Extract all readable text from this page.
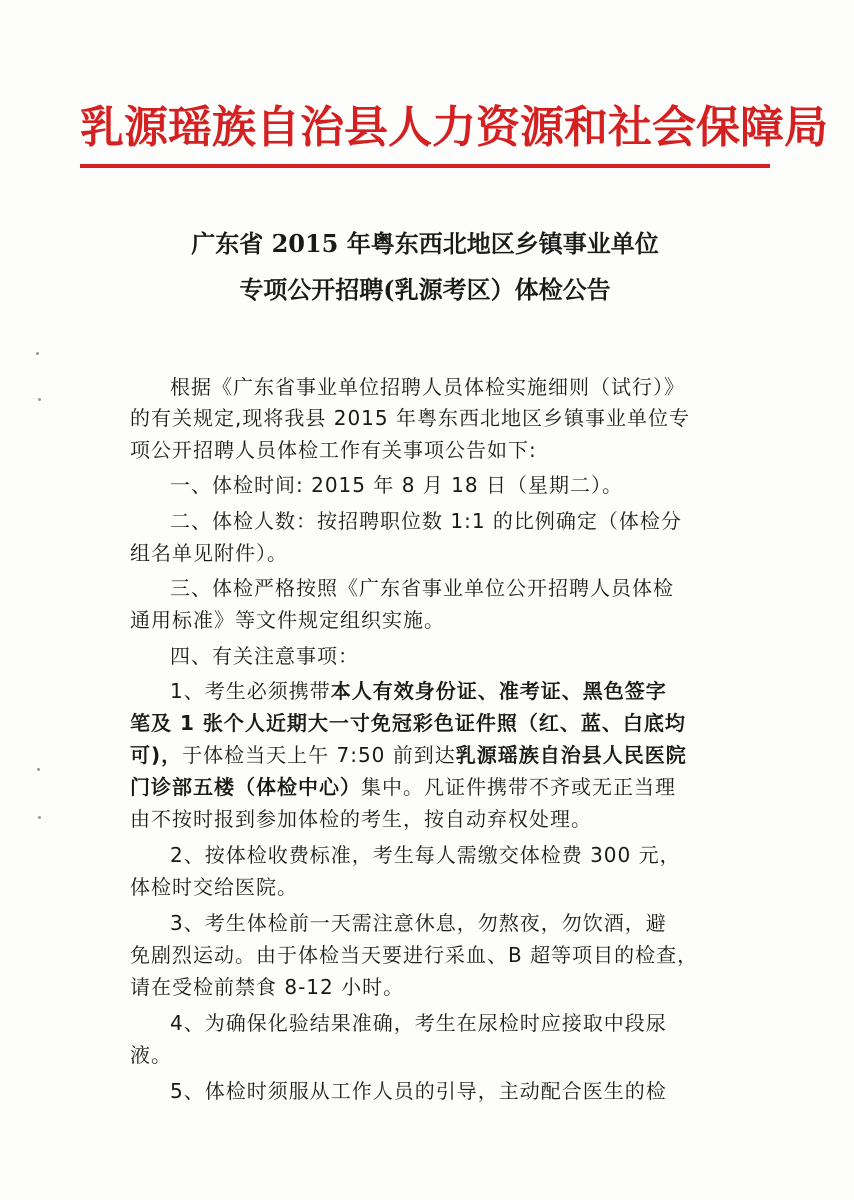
乳源瑶族自治县人力资源和社会保障局
广东省 2015 年粤东西北地区乡镇事业单位
专项公开招聘(乳源考区）体检公告
根据《广东省事业单位招聘人员体检实施细则（试行）》
的有关规定,现将我县 2015 年粤东西北地区乡镇事业单位专
项公开招聘人员体检工作有关事项公告如下:
一、体检时间: 2015 年 8 月 18 日（星期二）。
二、体检人数：按招聘职位数 1:1 的比例确定（体检分
组名单见附件）。
三、体检严格按照《广东省事业单位公开招聘人员体检
通用标准》等文件规定组织实施。
四、有关注意事项：
1、考生必须携带本人有效身份证、准考证、黑色签字
笔及 1 张个人近期大一寸免冠彩色证件照（红、蓝、白底均
可)，于体检当天上午 7:50 前到达乳源瑶族自治县人民医院
门诊部五楼（体检中心）集中。凡证件携带不齐或无正当理
由不按时报到参加体检的考生，按自动弃权处理。
2、按体检收费标准，考生每人需缴交体检费 300 元，
体检时交给医院。
3、考生体检前一天需注意休息，勿熬夜，勿饮酒，避
免剧烈运动。由于体检当天要进行采血、B 超等项目的检查，
请在受检前禁食 8-12 小时。
4、为确保化验结果准确，考生在尿检时应接取中段尿
液。
5、体检时须服从工作人员的引导，主动配合医生的检
